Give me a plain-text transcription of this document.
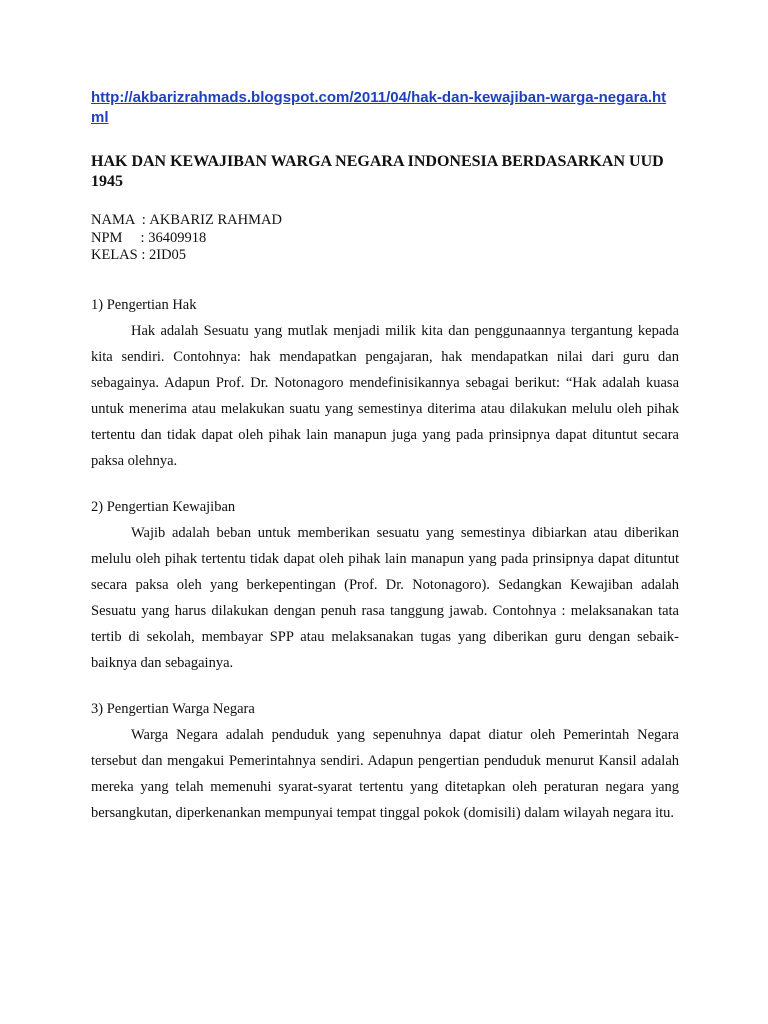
http://akbarizrahmads.blogspot.com/2011/04/hak-dan-kewajiban-warga-negara.html
HAK DAN KEWAJIBAN WARGA NEGARA INDONESIA BERDASARKAN UUD 1945
NAMA  : AKBARIZ RAHMAD
NPM     : 36409918
KELAS : 2ID05
1) Pengertian Hak
Hak adalah Sesuatu yang mutlak menjadi milik kita dan penggunaannya tergantung kepada kita sendiri. Contohnya: hak mendapatkan pengajaran, hak mendapatkan nilai dari guru dan sebagainya. Adapun Prof. Dr. Notonagoro mendefinisikannya sebagai berikut: “Hak adalah kuasa untuk menerima atau melakukan suatu yang semestinya diterima atau dilakukan melulu oleh pihak tertentu dan tidak dapat oleh pihak lain manapun juga yang pada prinsipnya dapat dituntut secara paksa olehnya.
2) Pengertian Kewajiban
Wajib adalah beban untuk memberikan sesuatu yang semestinya dibiarkan atau diberikan melulu oleh pihak tertentu tidak dapat oleh pihak lain manapun yang pada prinsipnya dapat dituntut secara paksa oleh yang berkepentingan (Prof. Dr. Notonagoro). Sedangkan Kewajiban adalah Sesuatu yang harus dilakukan dengan penuh rasa tanggung jawab. Contohnya : melaksanakan tata tertib di sekolah, membayar SPP atau melaksanakan tugas yang diberikan guru dengan sebaik-baiknya dan sebagainya.
3) Pengertian Warga Negara
Warga Negara adalah penduduk yang sepenuhnya dapat diatur oleh Pemerintah Negara tersebut dan mengakui Pemerintahnya sendiri. Adapun pengertian penduduk menurut Kansil adalah mereka yang telah memenuhi syarat-syarat tertentu yang ditetapkan oleh peraturan negara yang bersangkutan, diperkenankan mempunyai tempat tinggal pokok (domisili) dalam wilayah negara itu.
